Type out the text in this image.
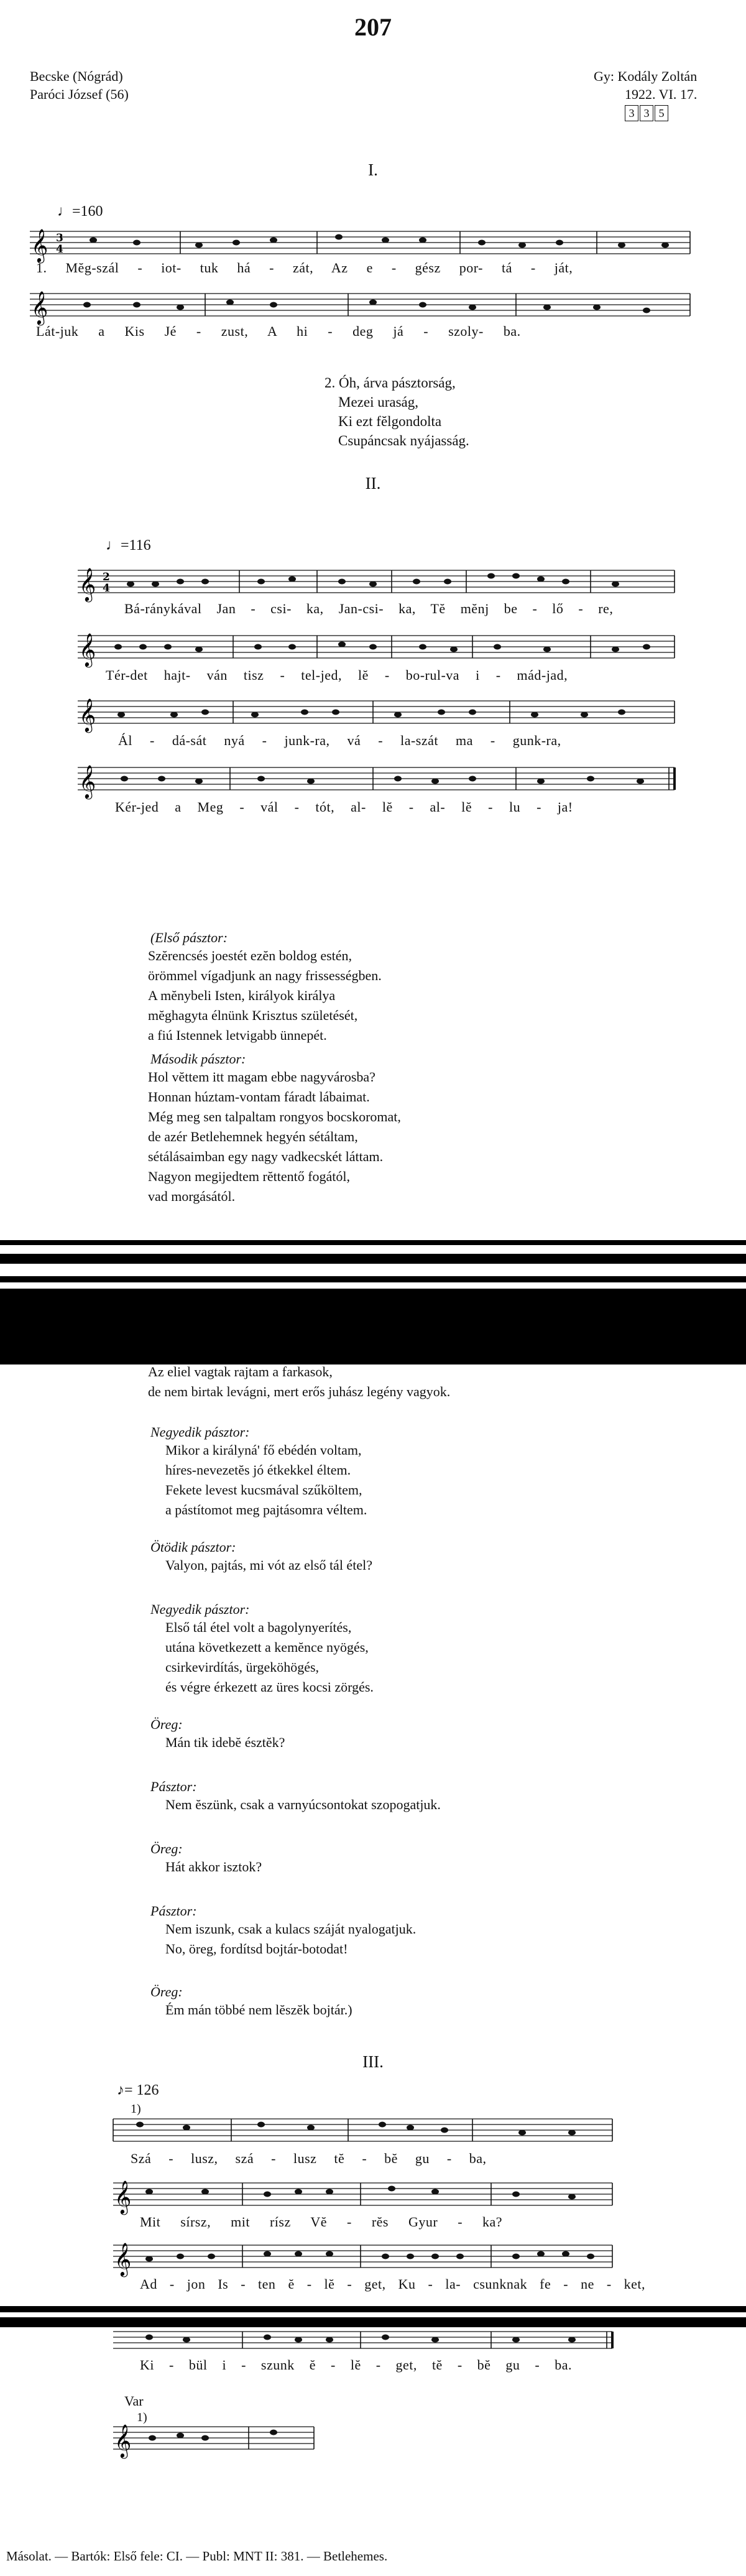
207
Becske (Nógrád)
Paróci József (56)
Gy: Kodály Zoltán
1922. VI. 17.
3 3 5
I.
♩=160
𝄞 3
4
1. Mĕg-szál - iot- tuk há - zát, Az e - gész por- tá - ját,
𝄞
Lát-juk a Kis Jé - zust, A hi - deg já - szoly- ba.
2. Óh, árva pásztorság,
Mezei uraság,
Ki ezt fĕlgondolta
Csupáncsak nyájasság.
II.
♩=116
𝄞 2
4
Bá-ránykával Jan - csi- ka, Jan-csi- ka, Tĕ mĕnj be - lő - re,
𝄞
Tér-det hajt- ván tisz - tel-jed, lĕ - bo-rul-va i - mád-jad,
𝄞
Ál - dá-sát nyá - junk-ra, vá - la-szát ma - gunk-ra,
𝄞
Kér-jed a Meg - vál - tót, al- lĕ - al- lĕ - lu - ja!
(Első pásztor:
Szĕrencsés joestét ezĕn boldog estén,
örömmel vígadjunk an nagy frissességben.
A mĕnybeli Isten, királyok királya
mĕghagyta élnünk Krisztus születését,
a fiú Istennek letvigabb ünnepét.
Második pásztor:
Hol vĕttem itt magam ebbe nagyvárosba?
Honnan húztam-vontam fáradt lábaimat.
Még meg sen talpaltam rongyos bocskoromat,
de azér Betlehemnek hegyén sétáltam,
sétálásaimban egy nagy vadkecskét láttam.
Nagyon megijedtem rĕttentő fogától,
vad morgásától.
Az eliel vagtak rajtam a farkasok,
de nem birtak levágni, mert erős juhász legény vagyok.
Negyedik pásztor:
Mikor a királyná' fő ebédén voltam,
híres-nevezetĕs jó étkekkel éltem.
Fekete levest kucsmával szűköltem,
a pástítomot meg pajtásomra véltem.
Ötödik pásztor:
Valyon, pajtás, mi vót az első tál étel?
Negyedik pásztor:
Első tál étel volt a bagolynyerítés,
utána következett a kemĕnce nyögés,
csirkevirdítás, ürgeköhögés,
és végre érkezett az üres kocsi zörgés.
Öreg:
Mán tik idebĕ észtĕk?
Pásztor:
Nem ĕszünk, csak a varnyúcsontokat szopogatjuk.
Öreg:
Hát akkor isztok?
Pásztor:
Nem iszunk, csak a kulacs száját nyalogatjuk.
No, öreg, fordítsd bojtár-botodat!
Öreg:
Ém mán többé nem lĕszĕk bojtár.)
III.
♪= 126
1)
Szá - lusz, szá - lusz tĕ - bĕ gu - ba,
𝄞
Mit sírsz, mit rísz Vĕ - rĕs Gyur - ka?
𝄞
Ad - jon Is - ten ĕ - lĕ - get, Ku - la- csunknak fe - ne - ket,
Ki - bül i - szunk ĕ - lĕ - get, tĕ - bĕ gu - ba.
Var
1)
𝄞
Másolat. — Bartók: Első fele: CI. — Publ: MNT II: 381. — Betlehemes.
